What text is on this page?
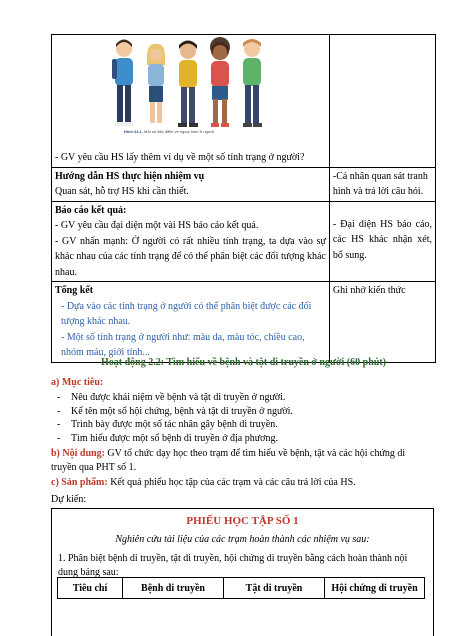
Hình 44.1. Một số đặc điểm về ngoại hình ở người	

- GV yêu cầu HS lấy thêm ví dụ về một số tính trạng ở người?	

Hướng dẫn HS thực hiện nhiệm vụ
Quan sát, hỗ trợ HS khi cần thiết.	-Cá nhân quan sát tranh hình và trả lời câu hỏi.

Báo cáo kết quả:
- GV yêu cầu đại diện một vài HS báo cáo kết quả.
- GV nhấn mạnh: Ở người có rất nhiều tính trạng, ta dựa vào sự khác nhau của các tính trạng để có thể phân biệt các đối tượng khác nhau.	- Đại diện HS báo cáo, các HS khác nhận xét, bổ sung.

Tổng kết
- Dựa vào các tính trạng ở người có thể phân biệt được các đối tượng khác nhau.
- Một số tính trạng ở người như: màu da, màu tóc, chiều cao, nhóm máu, giới tính...	Ghi nhớ kiến thức
Hoạt động 2.2: Tìm hiểu về bệnh và tật di truyền ở người (60 phút)
a) Mục tiêu:
- Nêu được khái niệm về bệnh và tật di truyền ở người.
- Kể tên một số hội chứng, bệnh và tật di truyền ở người.
- Trình bày được một số tác nhân gây bệnh di truyền.
- Tìm hiểu được một số bệnh di truyền ở địa phương.
b) Nội dung: GV tổ chức dạy học theo trạm để tìm hiểu về bệnh, tật và các hội chứng di truyền qua PHT số 1.
c) Sản phẩm: Kết quả phiếu học tập của các trạm và các câu trả lời của HS.
Dự kiến:
PHIẾU HỌC TẬP SỐ 1
Nghiên cứu tài liệu của các trạm hoàn thành các nhiệm vụ sau:
1. Phân biệt bệnh di truyền, tật di truyền, hội chứng di truyền bằng cách hoàn thành nội dung bảng sau:
Tiêu chí	Bệnh di truyền	Tật di truyền	Hội chứng di truyền
